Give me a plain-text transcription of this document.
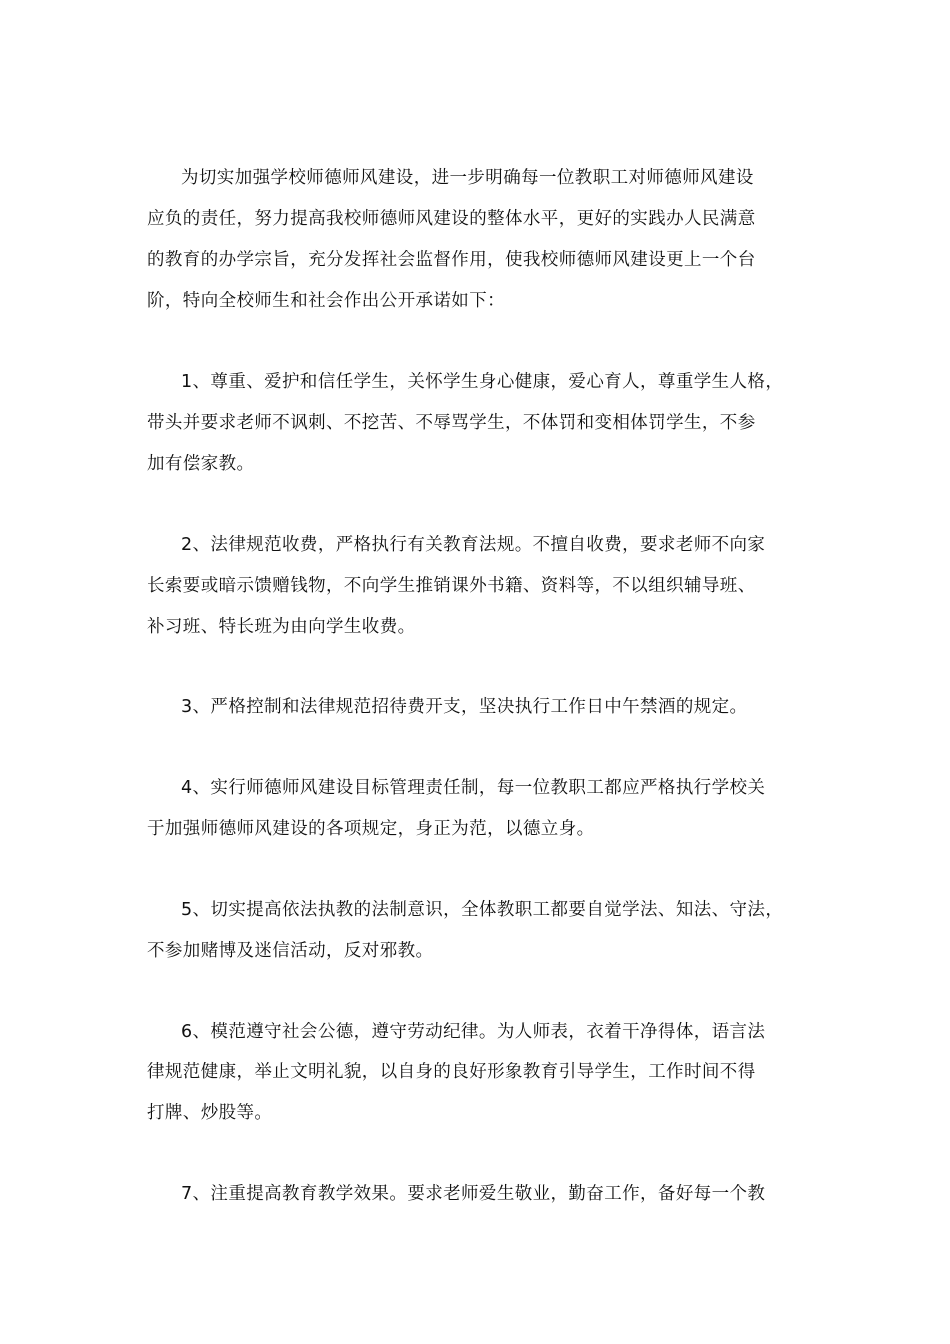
为切实加强学校师德师风建设，进一步明确每一位教职工对师德师风建设
应负的责任，努力提高我校师德师风建设的整体水平，更好的实践办人民满意
的教育的办学宗旨，充分发挥社会监督作用，使我校师德师风建设更上一个台
阶，特向全校师生和社会作出公开承诺如下：
1、尊重、爱护和信任学生，关怀学生身心健康，爱心育人，尊重学生人格，
带头并要求老师不讽刺、不挖苦、不辱骂学生，不体罚和变相体罚学生，不参
加有偿家教。
2、法律规范收费，严格执行有关教育法规。不擅自收费，要求老师不向家
长索要或暗示馈赠钱物，不向学生推销课外书籍、资料等，不以组织辅导班、
补习班、特长班为由向学生收费。
3、严格控制和法律规范招待费开支，坚决执行工作日中午禁酒的规定。
4、实行师德师风建设目标管理责任制，每一位教职工都应严格执行学校关
于加强师德师风建设的各项规定，身正为范，以德立身。
5、切实提高依法执教的法制意识，全体教职工都要自觉学法、知法、守法，
不参加赌博及迷信活动，反对邪教。
6、模范遵守社会公德，遵守劳动纪律。为人师表，衣着干净得体，语言法
律规范健康，举止文明礼貌，以自身的良好形象教育引导学生，工作时间不得
打牌、炒股等。
7、注重提高教育教学效果。要求老师爱生敬业，勤奋工作，备好每一个教
